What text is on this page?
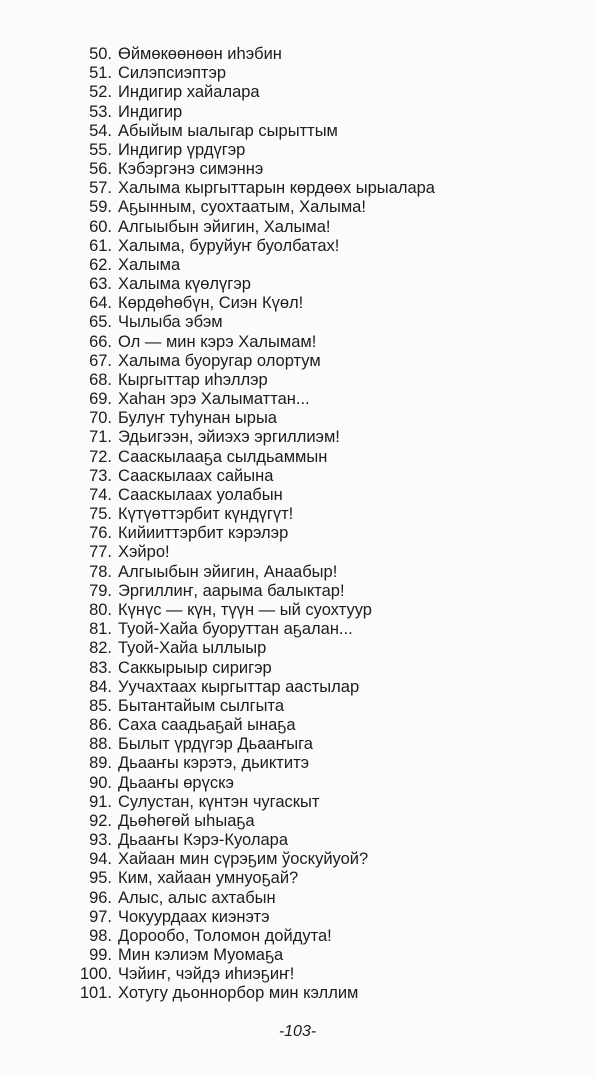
50. Өймөкөөнөөн иһэбин
51. Силэпсиэптэр
52. Индигир хайалара
53. Индигир
54. Абыйым ыалыгар сырыттым
55. Индигир үрдүгэр
56. Кэбэргэнэ симэннэ
57. Халыма кыргыттарын көрдөөх ырыалара
59. Аҕынным, суохтаатым, Халыма!
60. Алгыыбын эйигин, Халыма!
61. Халыма, буруйуҥ буолбатах!
62. Халыма
63. Халыма күөлүгэр
64. Көрдөһөбүн, Сиэн Күөл!
65. Чылыба эбэм
66. Ол — мин кэрэ Халымам!
67. Халыма буоругар олортум
68. Кыргыттар иһэллэр
69. Хаһан эрэ Халыматтан...
70. Булуҥ туһунан ырыа
71. Эдьигээн, эйиэхэ эргиллиэм!
72. Сааскылааҕа сылдьаммын
73. Сааскылаах сайына
74. Сааскылаах уолабын
75. Күтүөттэрбит күндүгүт!
76. Кийииттэрбит кэрэлэр
77. Хэйро!
78. Алгыыбын эйигин, Анаабыр!
79. Эргиллиҥ, аарыма балыктар!
80. Күнүс — күн, түүн — ый суохтуур
81. Туой-Хайа буоруттан аҕалан...
82. Туой-Хайа ыллыыр
83. Саккырыыр сиригэр
84. Уучахтаах кыргыттар аастылар
85. Бытантайым сылгыта
86. Саха саадьаҕай ынаҕа
88. Былыт үрдүгэр Дьааҥыга
89. Дьааҥы кэрэтэ, дьиктитэ
90. Дьааҥы өрүскэ
91. Сулустан, күнтэн чугаскыт
92. Дьөһөгөй ыһыаҕа
93. Дьааҥы Кэрэ-Куолара
94. Хайаан мин сүрэҕим ўоскуйуой?
95. Ким, хайаан умнуоҕай?
96. Алыс, алыс ахтабын
97. Чокуурдаах киэнэтэ
98. Дорообо, Толомон дойдута!
99. Мин кэлиэм Муомаҕа
100. Чэйиҥ, чэйдэ иһиэҕиҥ!
101. Хотугу дьоннорбор мин кэллим
-103-
